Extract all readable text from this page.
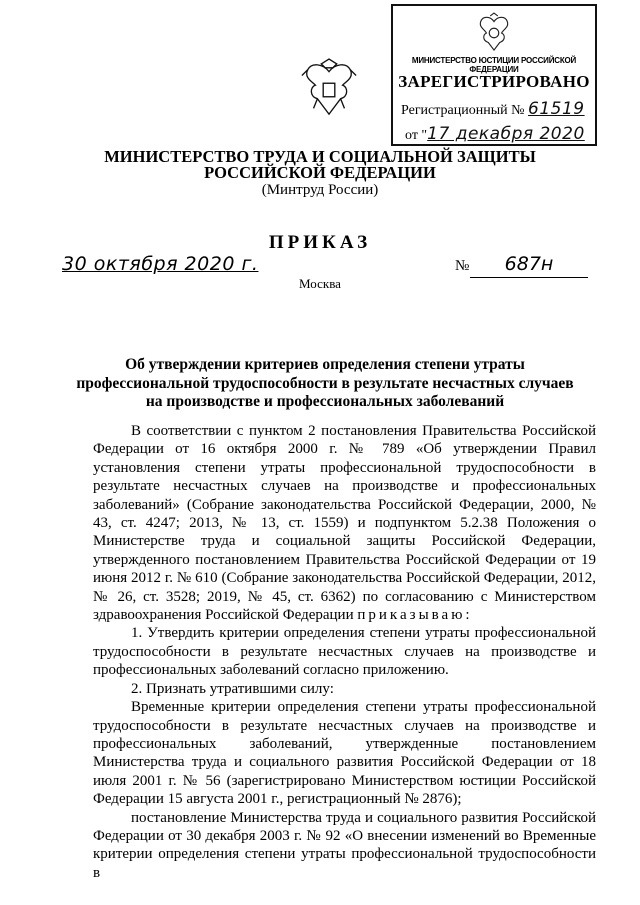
МИНИСТЕРСТВО ЮСТИЦИИ РОССИЙСКОЙ ФЕДЕРАЦИИ
ЗАРЕГИСТРИРОВАНО
Регистрационный № 61519
от "17 декабря 2020
МИНИСТЕРСТВО ТРУДА И СОЦИАЛЬНОЙ ЗАЩИТЫ
РОССИЙСКОЙ ФЕДЕРАЦИИ
(Минтруд России)
ПРИКАЗ
30 октября 2020 г.	№	687н
Москва
Об утверждении критериев определения степени утраты
профессиональной трудоспособности в результате несчастных случаев
на производстве и профессиональных заболеваний

В соответствии с пунктом 2 постановления Правительства Российской Федерации от 16 октября 2000 г. № 789 «Об утверждении Правил установления степени утраты профессиональной трудоспособности в результате несчастных случаев на производстве и профессиональных заболеваний» (Собрание законодательства Российской Федерации, 2000, № 43, ст. 4247; 2013, № 13, ст. 1559) и подпунктом 5.2.38 Положения о Министерстве труда и социальной защиты Российской Федерации, утвержденного постановлением Правительства Российской Федерации от 19 июня 2012 г. № 610 (Собрание законодательства Российской Федерации, 2012, № 26, ст. 3528; 2019, № 45, ст. 6362) по согласованию с Министерством здравоохранения Российской Федерации приказываю:

1. Утвердить критерии определения степени утраты профессиональной трудоспособности в результате несчастных случаев на производстве и профессиональных заболеваний согласно приложению.

2. Признать утратившими силу:

Временные критерии определения степени утраты профессиональной трудоспособности в результате несчастных случаев на производстве и профессиональных заболеваний, утвержденные постановлением Министерства труда и социального развития Российской Федерации от 18 июля 2001 г. № 56 (зарегистрировано Министерством юстиции Российской Федерации 15 августа 2001 г., регистрационный № 2876);

постановление Министерства труда и социального развития Российской Федерации от 30 декабря 2003 г. № 92 «О внесении изменений во Временные критерии определения степени утраты профессиональной трудоспособности в
